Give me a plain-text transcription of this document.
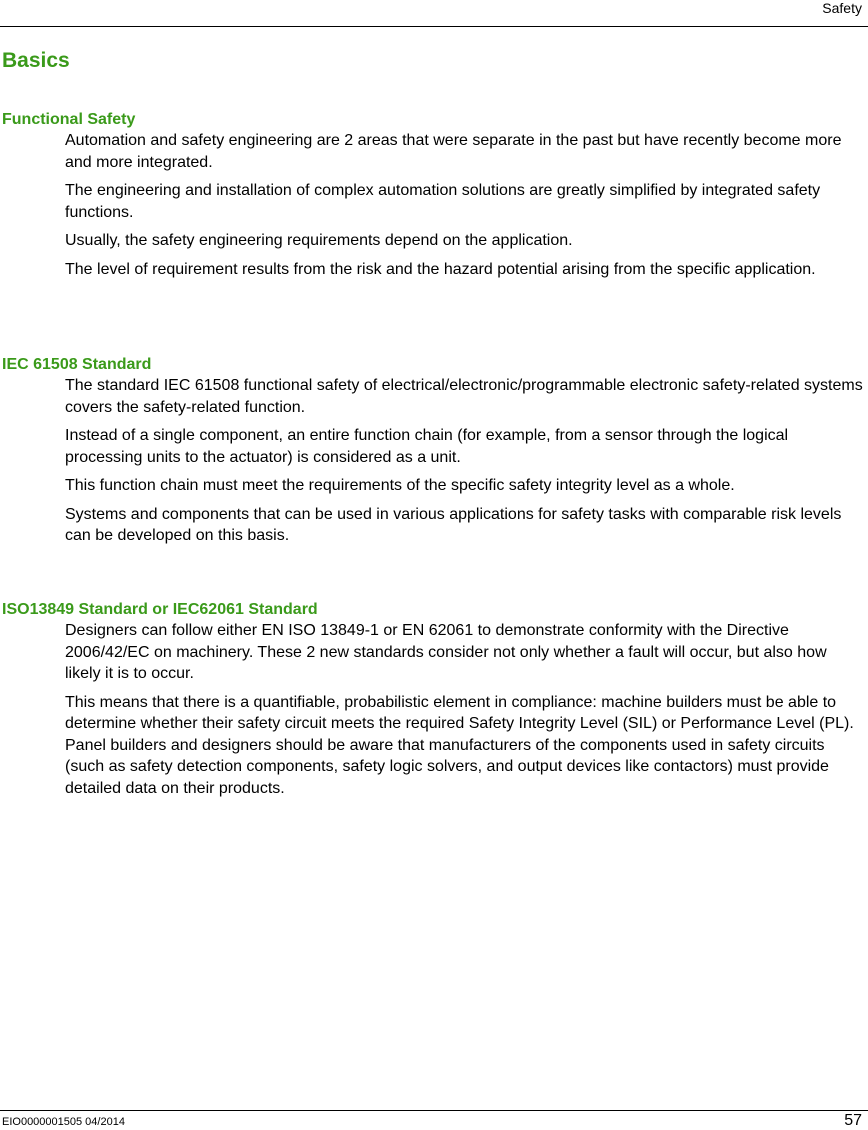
Safety
Basics
Functional Safety

Automation and safety engineering are 2 areas that were separate in the past but have recently become more and more integrated.

The engineering and installation of complex automation solutions are greatly simplified by integrated safety functions.

Usually, the safety engineering requirements depend on the application.

The level of requirement results from the risk and the hazard potential arising from the specific application.

IEC 61508 Standard

The standard IEC 61508 functional safety of electrical/electronic/programmable electronic safety-related systems covers the safety-related function.

Instead of a single component, an entire function chain (for example, from a sensor through the logical processing units to the actuator) is considered as a unit.

This function chain must meet the requirements of the specific safety integrity level as a whole.

Systems and components that can be used in various applications for safety tasks with comparable risk levels can be developed on this basis.

ISO13849 Standard or IEC62061 Standard

Designers can follow either EN ISO 13849-1 or EN 62061 to demonstrate conformity with the Directive 2006/42/EC on machinery. These 2 new standards consider not only whether a fault will occur, but also how likely it is to occur.

This means that there is a quantifiable, probabilistic element in compliance: machine builders must be able to determine whether their safety circuit meets the required Safety Integrity Level (SIL) or Performance Level (PL). Panel builders and designers should be aware that manufacturers of the components used in safety circuits (such as safety detection components, safety logic solvers, and output devices like contactors) must provide detailed data on their products.

EIO0000001505 04/2014	57
